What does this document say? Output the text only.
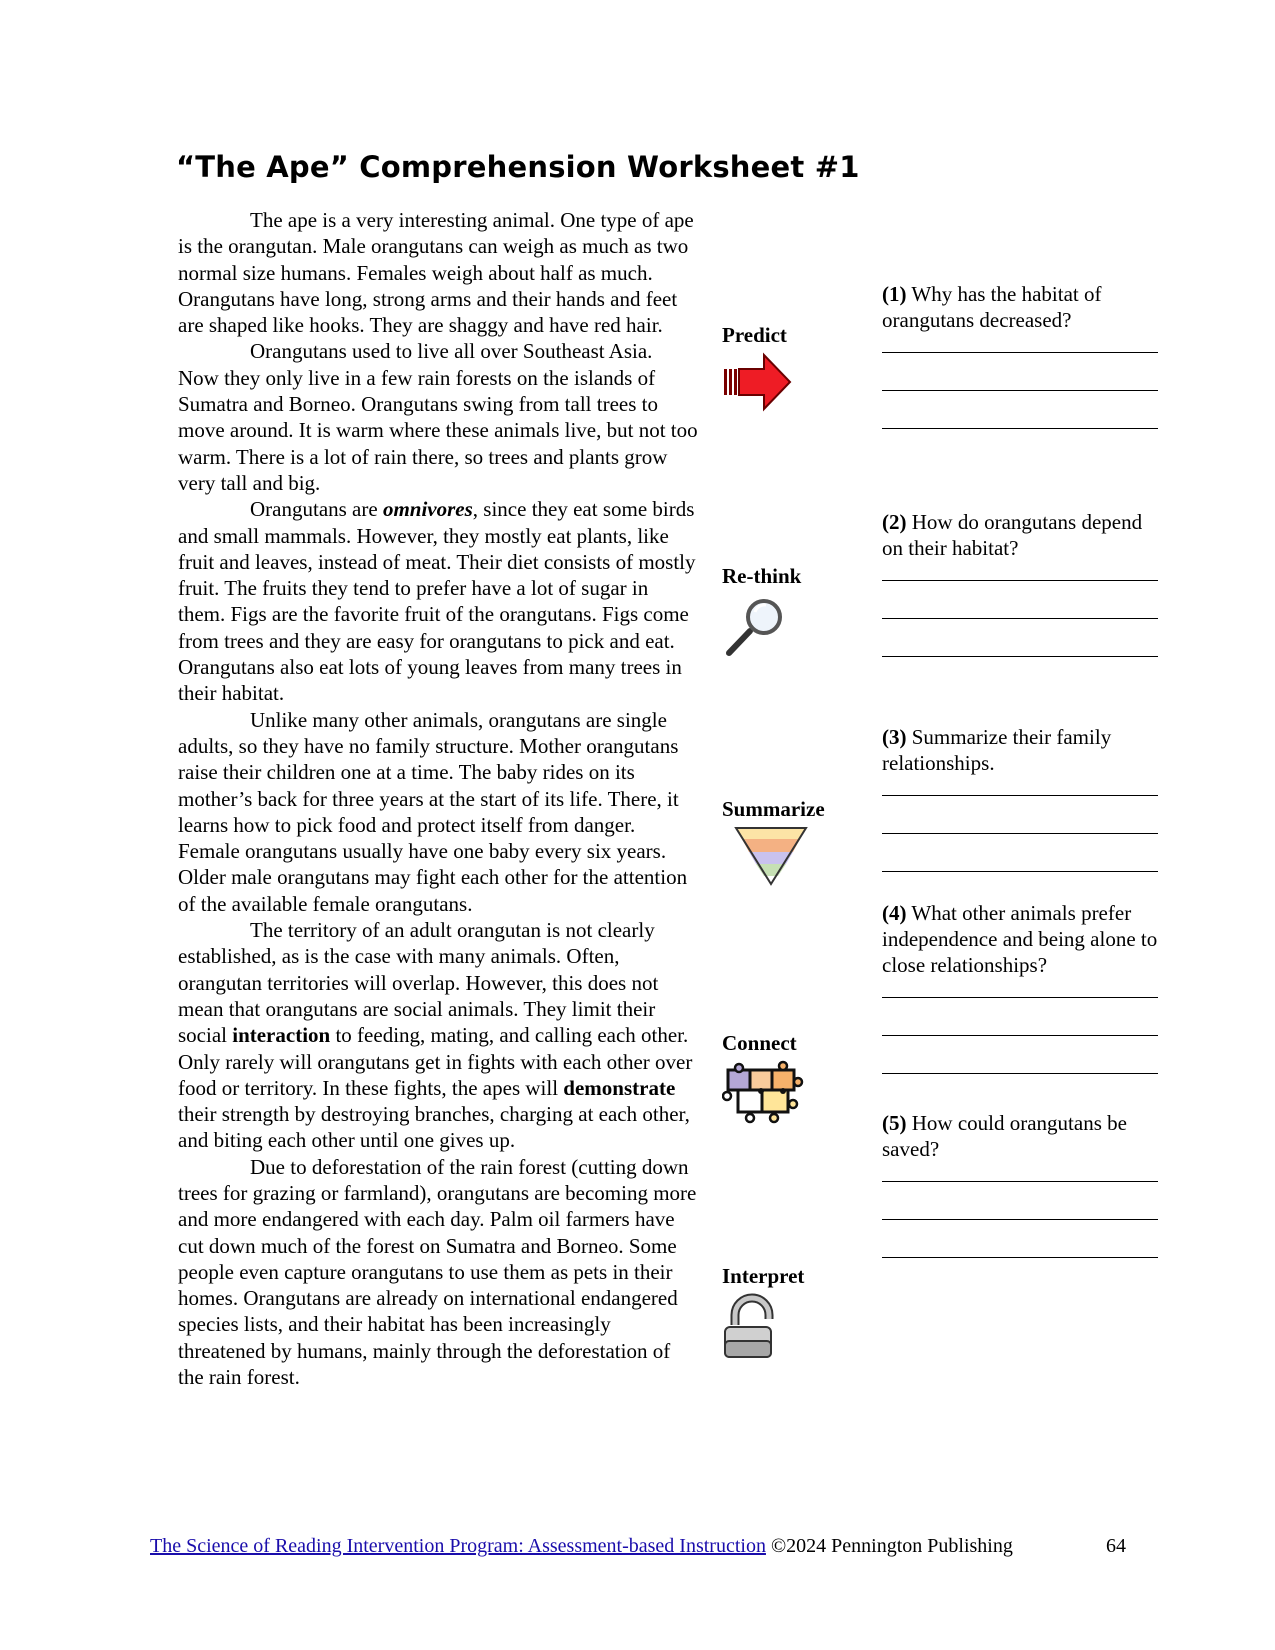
“The Ape” Comprehension Worksheet #1

The ape is a very interesting animal. One type of ape is the orangutan. Male orangutans can weigh as much as two normal size humans. Females weigh about half as much. Orangutans have long, strong arms and their hands and feet are shaped like hooks. They are shaggy and have red hair.

Orangutans used to live all over Southeast Asia. Now they only live in a few rain forests on the islands of Sumatra and Borneo. Orangutans swing from tall trees to move around. It is warm where these animals live, but not too warm. There is a lot of rain there, so trees and plants grow very tall and big.

Orangutans are omnivores, since they eat some birds and small mammals. However, they mostly eat plants, like fruit and leaves, instead of meat. Their diet consists of mostly fruit. The fruits they tend to prefer have a lot of sugar in them. Figs are the favorite fruit of the orangutans. Figs come from trees and they are easy for orangutans to pick and eat. Orangutans also eat lots of young leaves from many trees in their habitat.

Unlike many other animals, orangutans are single adults, so they have no family structure. Mother orangutans raise their children one at a time. The baby rides on its mother’s back for three years at the start of its life. There, it learns how to pick food and protect itself from danger. Female orangutans usually have one baby every six years. Older male orangutans may fight each other for the attention of the available female orangutans.

The territory of an adult orangutan is not clearly established, as is the case with many animals. Often, orangutan territories will overlap. However, this does not mean that orangutans are social animals. They limit their social interaction to feeding, mating, and calling each other. Only rarely will orangutans get in fights with each other over food or territory. In these fights, the apes will demonstrate their strength by destroying branches, charging at each other, and biting each other until one gives up.

Due to deforestation of the rain forest (cutting down trees for grazing or farmland), orangutans are becoming more and more endangered with each day. Palm oil farmers have cut down much of the forest on Sumatra and Borneo. Some people even capture orangutans to use them as pets in their homes. Orangutans are already on international endangered species lists, and their habitat has been increasingly threatened by humans, mainly through the deforestation of the rain forest.

Predict
Re-think
Summarize
Connect
Interpret
(1) Why has the habitat of orangutans decreased?
(2) How do orangutans depend on their habitat?
(3) Summarize their family relationships.
(4) What other animals prefer independence and being alone to close relationships?
(5) How could orangutans be saved?
The Science of Reading Intervention Program: Assessment-based Instruction ©2024 Pennington Publishing	64
